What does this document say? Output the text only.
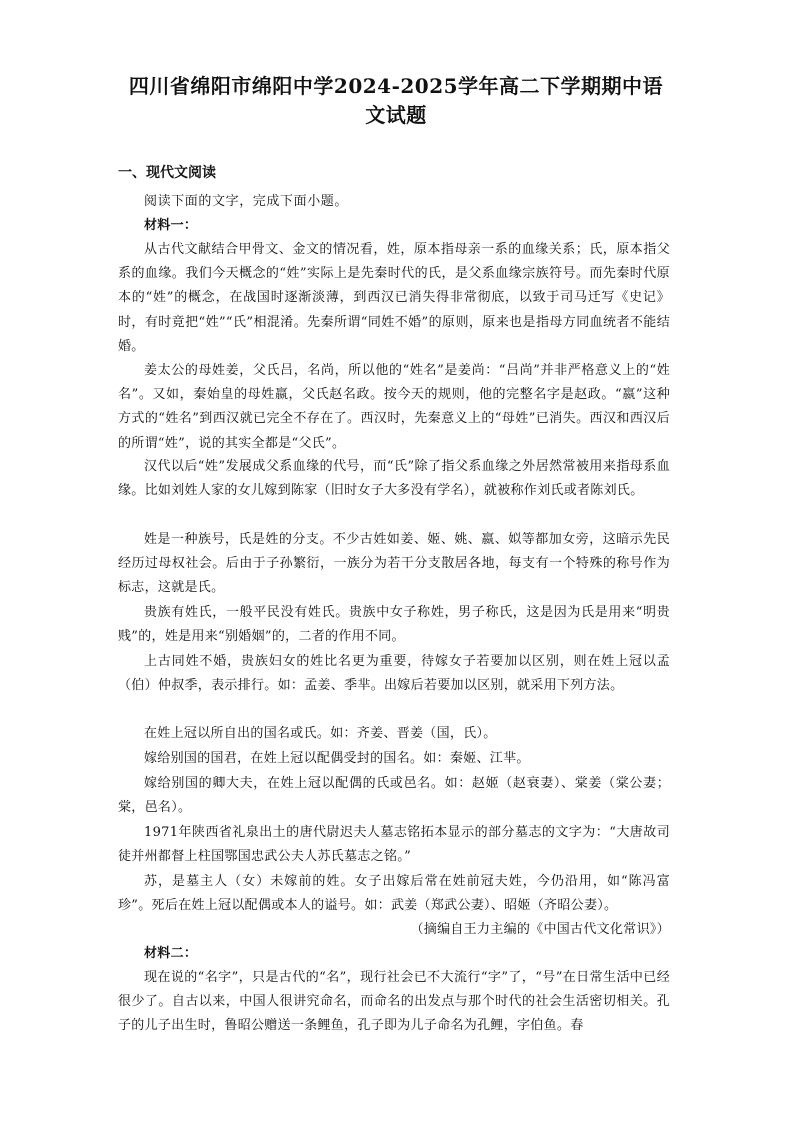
四川省绵阳市绵阳中学2024-2025学年高二下学期期中语
文试题
一、现代文阅读

阅读下面的文字，完成下面小题。

材料一：

从古代文献结合甲骨文、金文的情况看，姓，原本指母亲一系的血缘关系；氏，原本指父系的血缘。我们今天概念的“姓”实际上是先秦时代的氏，是父系血缘宗族符号。而先秦时代原本的“姓”的概念，在战国时逐渐淡薄，到西汉已消失得非常彻底，以致于司马迁写《史记》时，有时竟把“姓”“氏”相混淆。先秦所谓“同姓不婚”的原则，原来也是指母方同血统者不能结婚。

姜太公的母姓姜，父氏吕，名尚，所以他的“姓名”是姜尚：“吕尚”并非严格意义上的“姓名”。又如，秦始皇的母姓嬴，父氏赵名政。按今天的规则，他的完整名字是赵政。“嬴”这种方式的“姓名”到西汉就已完全不存在了。西汉时，先秦意义上的“母姓”已消失。西汉和西汉后的所谓“姓”，说的其实全都是“父氏”。

汉代以后“姓”发展成父系血缘的代号，而“氏”除了指父系血缘之外居然常被用来指母系血缘。比如刘姓人家的女儿嫁到陈家（旧时女子大多没有学名），就被称作刘氏或者陈刘氏。

姓是一种族号，氏是姓的分支。不少古姓如姜、姬、姚、嬴、姒等都加女旁，这暗示先民经历过母权社会。后由于子孙繁衍，一族分为若干分支散居各地，每支有一个特殊的称号作为标志，这就是氏。

贵族有姓氏，一般平民没有姓氏。贵族中女子称姓，男子称氏，这是因为氏是用来“明贵贱”的，姓是用来“别婚姻”的，二者的作用不同。

上古同姓不婚，贵族妇女的姓比名更为重要，待嫁女子若要加以区别，则在姓上冠以孟（伯）仲叔季，表示排行。如：孟姜、季芈。出嫁后若要加以区别，就采用下列方法。

在姓上冠以所自出的国名或氏。如：齐姜、晋姜（国，氏）。

嫁给别国的国君，在姓上冠以配偶受封的国名。如：秦姬、江芈。

嫁给别国的卿大夫，在姓上冠以配偶的氏或邑名。如：赵姬（赵衰妻）、棠姜（棠公妻；棠，邑名）。

1971年陕西省礼泉出土的唐代尉迟夫人墓志铭拓本显示的部分墓志的文字为：“大唐故司徒并州都督上柱国鄂国忠武公夫人苏氏墓志之铭。”

苏，是墓主人（女）未嫁前的姓。女子出嫁后常在姓前冠夫姓，今仍沿用，如“陈冯富珍”。死后在姓上冠以配偶或本人的谥号。如：武姜（郑武公妻）、昭姬（齐昭公妻）。

（摘编自王力主编的《中国古代文化常识》）

材料二：

现在说的“名字”，只是古代的“名”，现行社会已不大流行“字”了，“号”在日常生活中已经很少了。自古以来，中国人很讲究命名，而命名的出发点与那个时代的社会生活密切相关。孔子的儿子出生时，鲁昭公赠送一条鲤鱼，孔子即为儿子命名为孔鲤，字伯鱼。春
